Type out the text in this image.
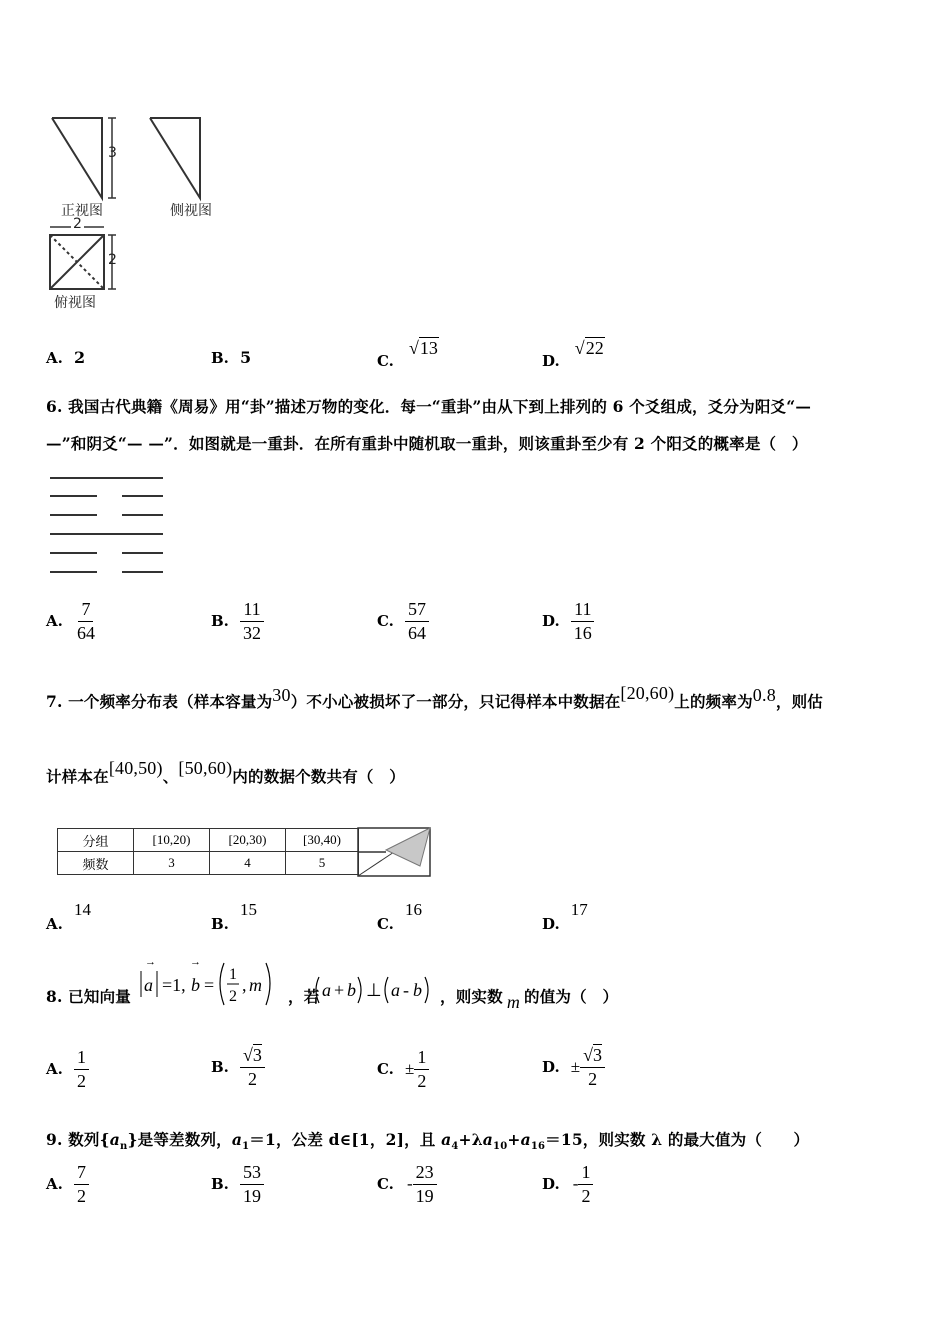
3
2
2
正视图	侧视图
俯视图
A. 2	B. 5	C. √13
D. √22
6. 我国古代典籍《周易》用“卦”描述万物的变化．每一“重卦”由从下到上排列的 6 个爻组成，爻分为阳爻“—
—”和阴爻“— —”．如图就是一重卦．在所有重卦中随机取一重卦，则该重卦至少有 2 个阳爻的概率是（　）
A. $\frac{7}{64}$	B. $\frac{11}{32}$	C. $\frac{57}{64}$	D. $\frac{11}{16}$
7. 一个频率分布表（样本容量为30）不小心被损坏了一部分，只记得样本中数据在[20,60)上的频率为0.8，则估
计样本在[40,50)、[50,60)内的数据个数共有（　）
分组	[10,20)	[20,30)	[30,40)
频数	3	4	5
A. 14
B. 15
C. 16
D. 17
8. 已知向量
a
→
=1, b
→
=
1
2
, m
，若 a + b ⊥ a - b ，则实数 m 的值为（　）
A. $\frac{1}{2}$	B. $\frac{√3}{2}$	C. ± $\frac{1}{2}$	D. ± $\frac{√3}{2}$
9. 数列$\{a_n\}$是等差数列，$a_1=1$，公差 d∈[1，2]，且 $a_4+\lambda a_{10}+a_{16}=15$，则实数 λ 的最大值为（　　）
A. $\frac{7}{2}$	B. $\frac{53}{19}$	C. - $\frac{23}{19}$	D. - $\frac{1}{2}$
